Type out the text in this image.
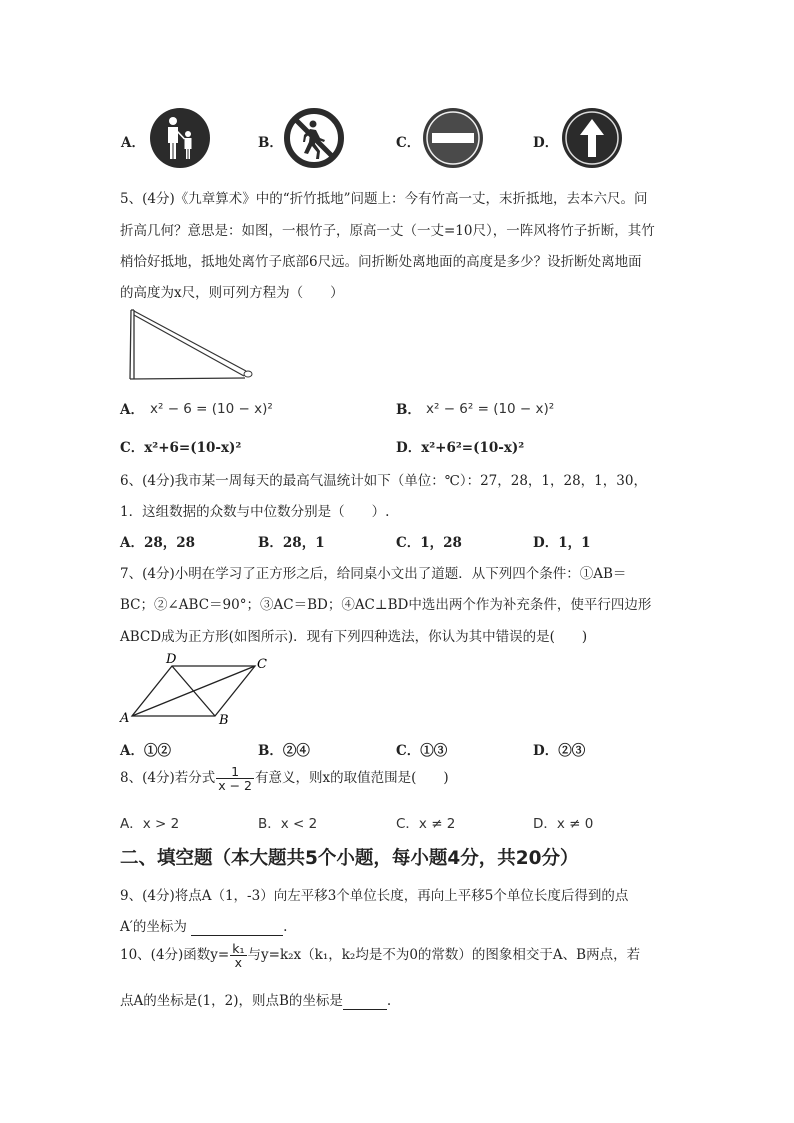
A．	B．	C．	D．
5、(4分)《九章算术》中的“折竹抵地”问题上：今有竹高一丈，末折抵地，去本六尺。问
折高几何？意思是：如图，一根竹子，原高一丈（一丈=10尺），一阵风将竹子折断，其竹
梢恰好抵地，抵地处离竹子底部6尺远。问折断处离地面的高度是多少？设折断处离地面
的高度为x尺，则可列方程为（　　）
A． x² − 6 = (10 − x)²	B． x² − 6² = (10 − x)²
C．x²+6=(10-x)²	D．x²+6²=(10-x)²
6、(4分)我市某一周每天的最高气温统计如下（单位：℃）：27，28，1，28，1，30，
1．这组数据的众数与中位数分别是（　　）.
A．28，28	B．28，1	C．1，28	D．1，1
7、(4分)小明在学习了正方形之后，给同桌小文出了道题．从下列四个条件：①AB＝
BC；②∠ABC＝90°；③AC＝BD；④AC⊥BD中选出两个作为补充条件，使平行四边形
ABCD成为正方形(如图所示)．现有下列四种选法，你认为其中错误的是(　　)
A	B
C
D
A．①②	B．②④	C．①③	D．②③
8、(4分)若分式 $\frac{1}{x - 2}$ 有意义，则x的取值范围是(　　)
A．x > 2	B．x < 2	C．x ≠ 2	D．x ≠ 0
二、填空题（本大题共5个小题，每小题4分，共20分）
9、(4分)将点A（1，-3）向左平移3个单位长度，再向上平移5个单位长度后得到的点
A′的坐标为	.
10、(4分)函数$y= \frac{\text{k₁}}{x}$ 与y=k₂x（k₁，k₂均是不为0的常数）的图象相交于A、B两点，若
点A的坐标是(1，2)，则点B的坐标是	.
